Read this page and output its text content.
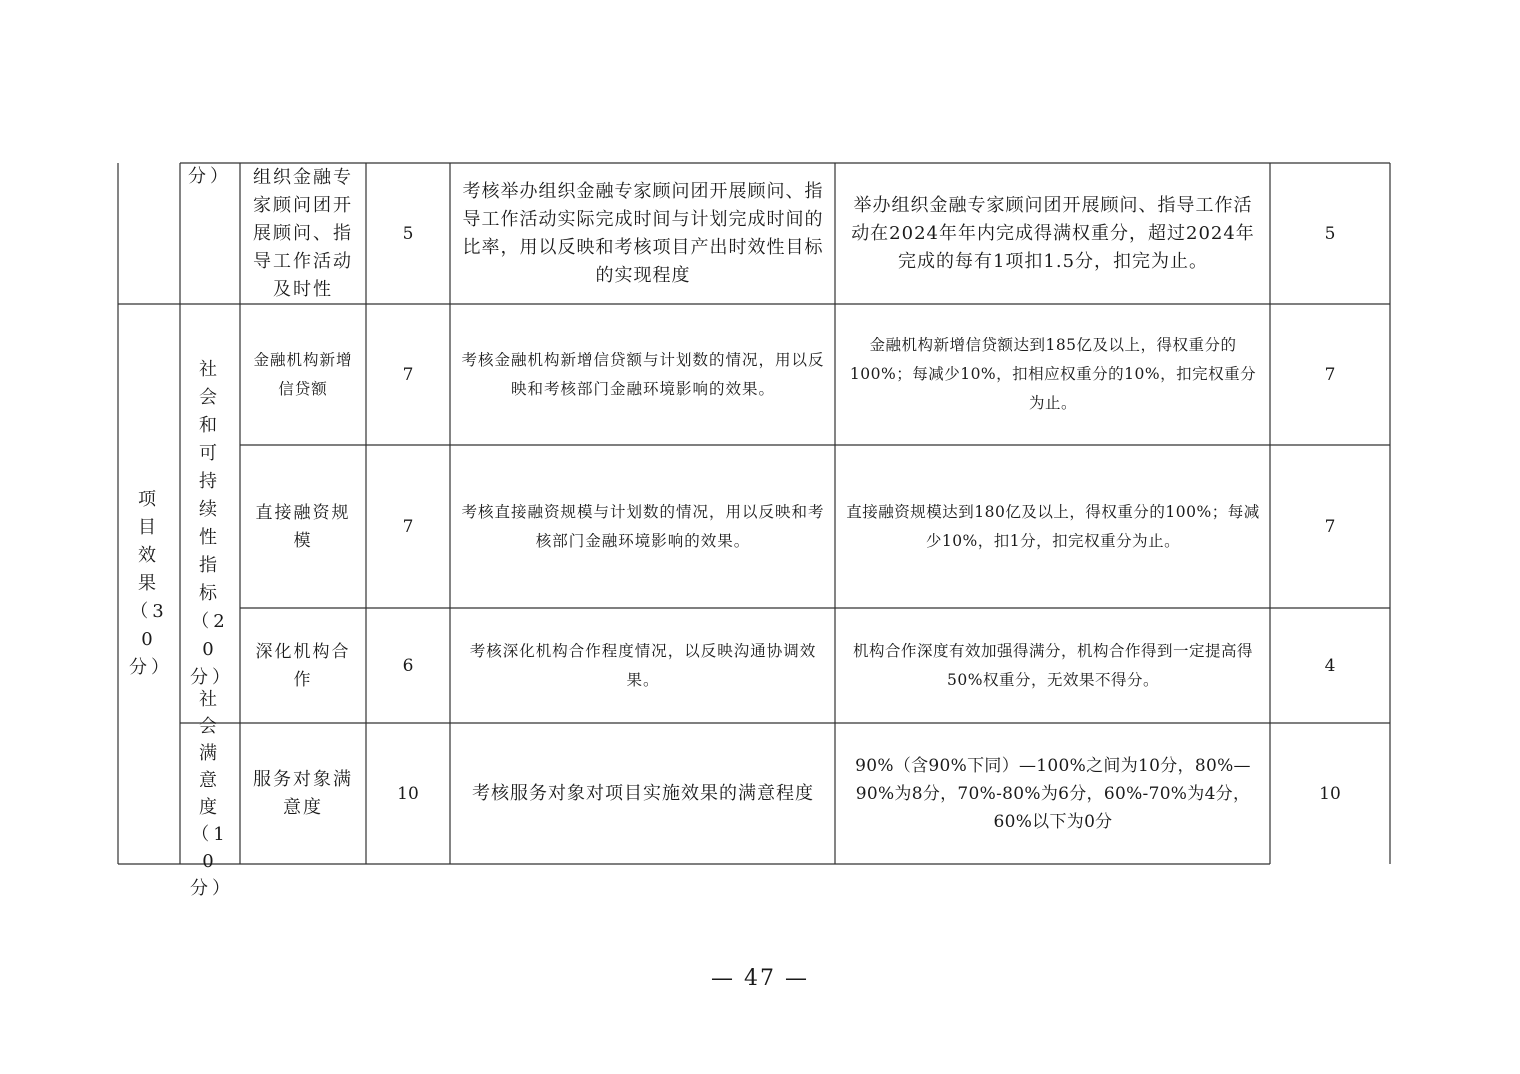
分）	组织金融专家顾问团开展顾问、指导工作活动及时性
5
考核举办组织金融专家顾问团开展顾问、指导工作活动实际完成时间与计划完成时间的比率，用以反映和考核项目产出时效性目标的实现程度
举办组织金融专家顾问团开展顾问、指导工作活动在2024年年内完成得满权重分，超过2024年完成的每有1项扣1.5分，扣完为止。
5
项目效果（30分）
社会和可持续性指标（20分）
金融机构新增信贷额
7
考核金融机构新增信贷额与计划数的情况，用以反映和考核部门金融环境影响的效果。
金融机构新增信贷额达到185亿及以上，得权重分的100%；每减少10%，扣相应权重分的10%，扣完权重分为止。
7
直接融资规模
7
考核直接融资规模与计划数的情况，用以反映和考核部门金融环境影响的效果。
直接融资规模达到180亿及以上，得权重分的100%；每减少10%，扣1分，扣完权重分为止。
7
深化机构合作
6
考核深化机构合作程度情况，以反映沟通协调效果。
机构合作深度有效加强得满分，机构合作得到一定提高得50%权重分，无效果不得分。
4
社会满意度（10分）
服务对象满意度
10	考核服务对象对项目实施效果的满意程度
90%（含90%下同）—100%之间为10分，80%—90%为8分，70%-80%为6分，60%-70%为4分，60%以下为0分
10
— 47 —
